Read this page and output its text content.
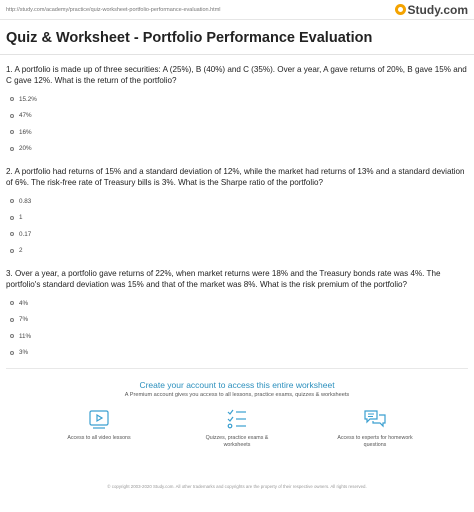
http://study.com/academy/practice/quiz-worksheet-portfolio-performance-evaluation.html	Study.com
Quiz & Worksheet - Portfolio Performance Evaluation
1. A portfolio is made up of three securities: A (25%), B (40%) and C (35%). Over a year, A gave returns of 20%, B gave 15% and C gave 12%. What is the return of the portfolio?
15.2%
47%
16%
20%
2. A portfolio had returns of 15% and a standard deviation of 12%, while the market had returns of 13% and a standard deviation of 6%. The risk-free rate of Treasury bills is 3%. What is the Sharpe ratio of the portfolio?
0.83
1
0.17
2
3. Over a year, a portfolio gave returns of 22%, when market returns were 18% and the Treasury bonds rate was 4%. The portfolio's standard deviation was 15% and that of the market was 8%. What is the risk premium of the portfolio?
4%
7%
11%
3%
Create your account to access this entire worksheet
A Premium account gives you access to all lessons, practice exams, quizzes & worksheets
Access to all video lessons	Quizzes, practice exams & worksheets
Access to experts for homework questions
© copyright 2003-2020 Study.com. All other trademarks and copyrights are the property of their respective owners. All rights reserved.
